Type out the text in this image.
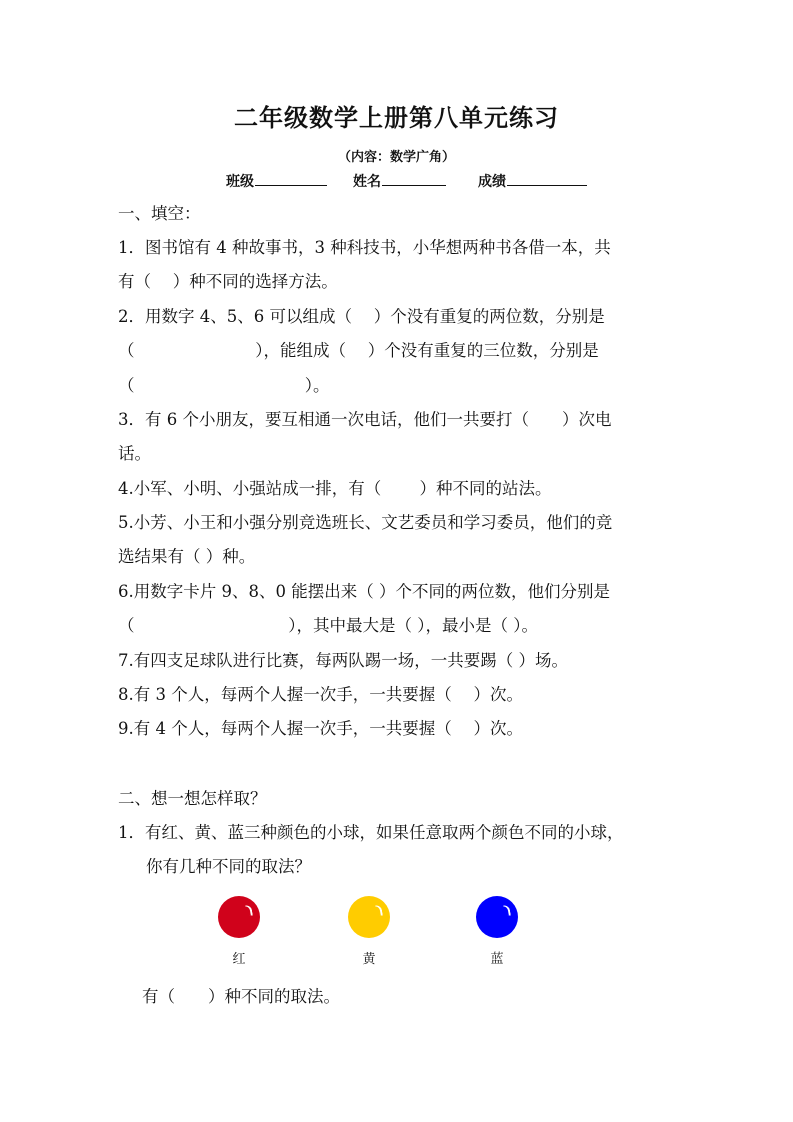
二年级数学上册第八单元练习
（内容：数学广角）
班级	姓名	成绩
一、填空：
1．图书馆有 4 种故事书，3 种科技书，小华想两种书各借一本，共
有（　 ）种不同的选择方法。
2．用数字 4、5、6 可以组成（　 ）个没有重复的两位数，分别是
（　　　　　　　 ），能组成（　 ）个没有重复的三位数，分别是
（　　　　　　　　　　 ）。
3．有 6 个小朋友，要互相通一次电话，他们一共要打（　　）次电
话。
4.小军、小明、小强站成一排，有（　　 ）种不同的站法。
5.小芳、小王和小强分别竞选班长、文艺委员和学习委员，他们的竞
选结果有（ ）种。
6.用数字卡片 9、8、0 能摆出来（ ）个不同的两位数，他们分别是
（　　　　　　　　　 ），其中最大是（ ），最小是（ ）。
7.有四支足球队进行比赛，每两队踢一场，一共要踢（ ）场。
8.有 3 个人，每两个人握一次手，一共要握（　 ）次。
9.有 4 个人，每两个人握一次手，一共要握（　 ）次。
二、想一想怎样取？
1．有红、黄、蓝三种颜色的小球，如果任意取两个颜色不同的小球，
你有几种不同的取法？
红	黄	蓝
有（　　）种不同的取法。
